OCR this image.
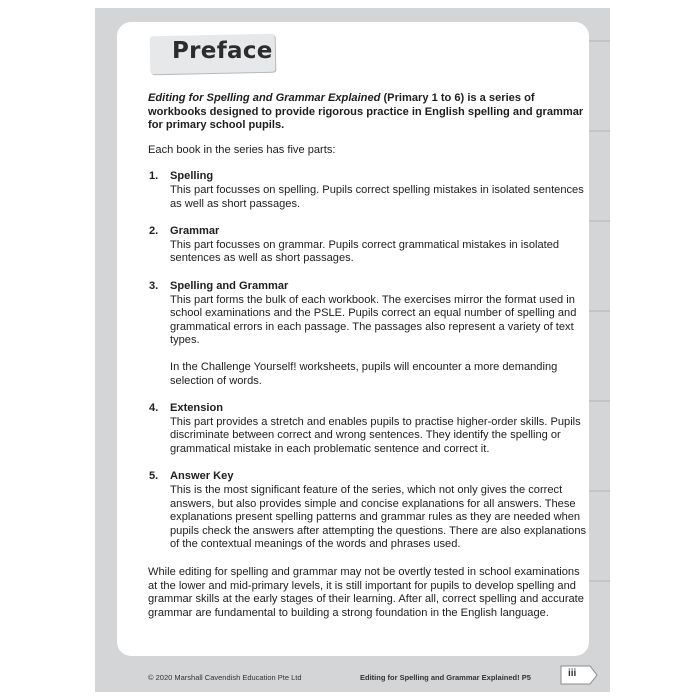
Preface

Editing for Spelling and Grammar Explained (Primary 1 to 6) is a series of workbooks designed to provide rigorous practice in English spelling and grammar for primary school pupils.

Each book in the series has five parts:

1. Spelling
This part focusses on spelling. Pupils correct spelling mistakes in isolated sentences as well as short passages.
2. Grammar
This part focusses on grammar. Pupils correct grammatical mistakes in isolated sentences as well as short passages.
3. Spelling and Grammar
This part forms the bulk of each workbook. The exercises mirror the format used in school examinations and the PSLE. Pupils correct an equal number of spelling and grammatical errors in each passage. The passages also represent a variety of text types.
In the Challenge Yourself! worksheets, pupils will encounter a more demanding selection of words.
4. Extension
This part provides a stretch and enables pupils to practise higher-order skills. Pupils discriminate between correct and wrong sentences. They identify the spelling or grammatical mistake in each problematic sentence and correct it.
5. Answer Key
This is the most significant feature of the series, which not only gives the correct answers, but also provides simple and concise explanations for all answers. These explanations present spelling patterns and grammar rules as they are needed when pupils check the answers after attempting the questions. There are also explanations of the contextual meanings of the words and phrases used.

While editing for spelling and grammar may not be overtly tested in school examinations at the lower and mid-primary levels, it is still important for pupils to develop spelling and grammar skills at the early stages of their learning. After all, correct spelling and accurate grammar are fundamental to building a strong foundation in the English language.

© 2020 Marshall Cavendish Education Pte Ltd	Editing for Spelling and Grammar Explained! P5	iii
